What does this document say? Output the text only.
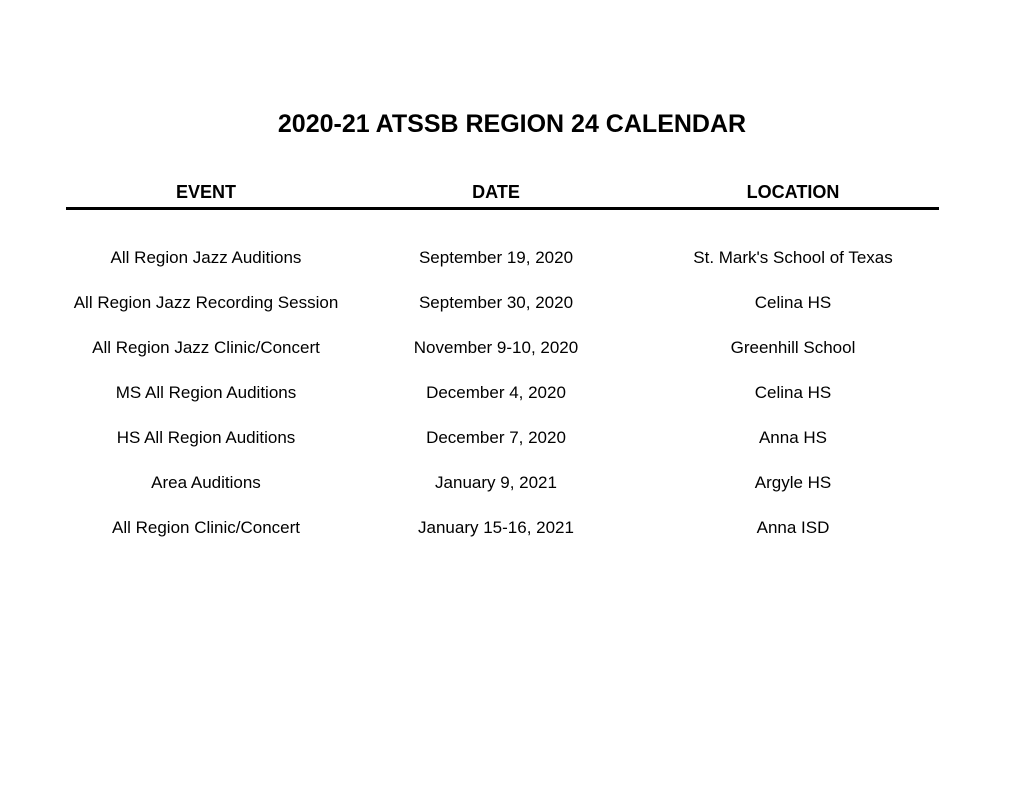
2020-21 ATSSB REGION 24 CALENDAR
EVENT	DATE	LOCATION
All Region Jazz Auditions	September 19, 2020	St. Mark's School of Texas
All Region Jazz Recording Session	September 30, 2020	Celina HS
All Region Jazz Clinic/Concert	November 9-10, 2020	Greenhill School
MS All Region Auditions	December 4, 2020	Celina HS
HS All Region Auditions	December 7, 2020	Anna HS
Area Auditions	January 9, 2021	Argyle HS
All Region Clinic/Concert	January 15-16, 2021	Anna ISD
